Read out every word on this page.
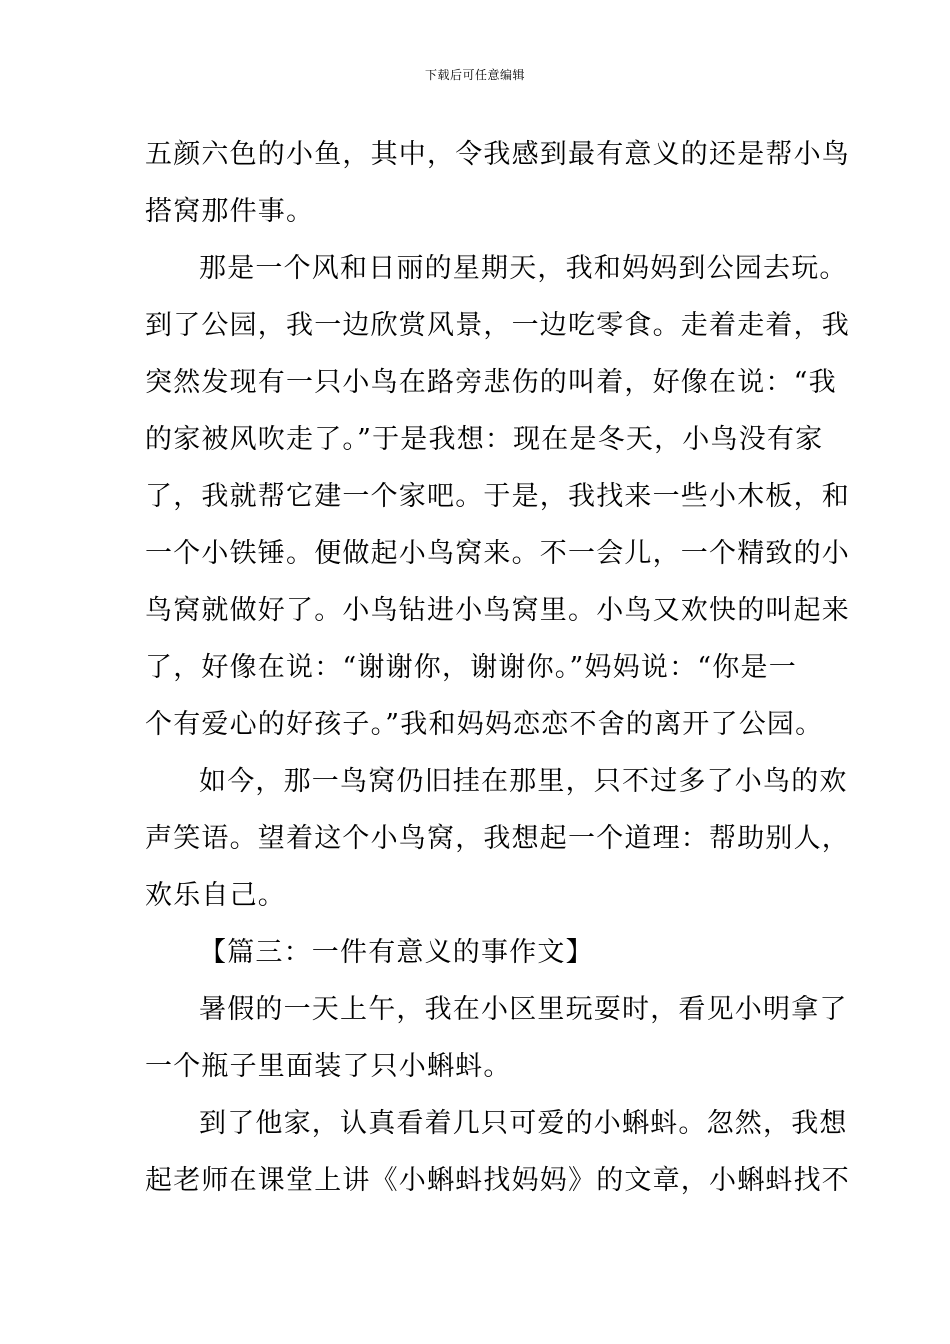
下载后可任意编辑
五颜六色的小鱼，其中，令我感到最有意义的还是帮小鸟
搭窝那件事。
那是一个风和日丽的星期天，我和妈妈到公园去玩。
到了公园，我一边欣赏风景，一边吃零食。走着走着，我
突然发现有一只小鸟在路旁悲伤的叫着，好像在说：“我
的家被风吹走了。”于是我想：现在是冬天，小鸟没有家
了，我就帮它建一个家吧。于是，我找来一些小木板，和
一个小铁锤。便做起小鸟窝来。不一会儿，一个精致的小
鸟窝就做好了。小鸟钻进小鸟窝里。小鸟又欢快的叫起来
了，好像在说：“谢谢你，谢谢你。”妈妈说：“你是一
个有爱心的好孩子。”我和妈妈恋恋不舍的离开了公园。
如今，那一鸟窝仍旧挂在那里，只不过多了小鸟的欢
声笑语。望着这个小鸟窝，我想起一个道理：帮助别人，
欢乐自己。
【篇三：一件有意义的事作文】
暑假的一天上午，我在小区里玩耍时，看见小明拿了
一个瓶子里面装了只小蝌蚪。
到了他家，认真看着几只可爱的小蝌蚪。忽然，我想
起老师在课堂上讲《小蝌蚪找妈妈》的文章，小蝌蚪找不
